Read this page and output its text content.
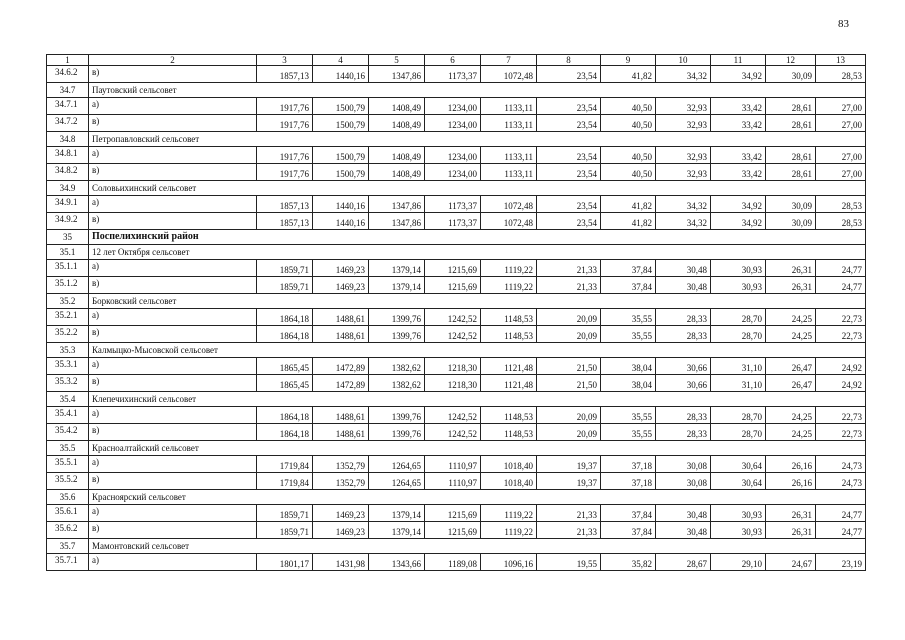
83
1	2	3	4	5	6	7	8	9	10	11	12	13
34.6.2	в)	1857,13	1440,16	1347,86	1173,37	1072,48	23,54	41,82	34,32	34,92	30,09	28,53
34.7	Паутовский сельсовет											
34.7.1	а)	1917,76	1500,79	1408,49	1234,00	1133,11	23,54	40,50	32,93	33,42	28,61	27,00
34.7.2	в)	1917,76	1500,79	1408,49	1234,00	1133,11	23,54	40,50	32,93	33,42	28,61	27,00
34.8	Петропавловский сельсовет											
34.8.1	а)	1917,76	1500,79	1408,49	1234,00	1133,11	23,54	40,50	32,93	33,42	28,61	27,00
34.8.2	в)	1917,76	1500,79	1408,49	1234,00	1133,11	23,54	40,50	32,93	33,42	28,61	27,00
34.9	Соловьихинский сельсовет											
34.9.1	а)	1857,13	1440,16	1347,86	1173,37	1072,48	23,54	41,82	34,32	34,92	30,09	28,53
34.9.2	в)	1857,13	1440,16	1347,86	1173,37	1072,48	23,54	41,82	34,32	34,92	30,09	28,53
35	Поспелихинский район											
35.1	12 лет Октября сельсовет											
35.1.1	а)	1859,71	1469,23	1379,14	1215,69	1119,22	21,33	37,84	30,48	30,93	26,31	24,77
35.1.2	в)	1859,71	1469,23	1379,14	1215,69	1119,22	21,33	37,84	30,48	30,93	26,31	24,77
35.2	Борковский сельсовет											
35.2.1	а)	1864,18	1488,61	1399,76	1242,52	1148,53	20,09	35,55	28,33	28,70	24,25	22,73
35.2.2	в)	1864,18	1488,61	1399,76	1242,52	1148,53	20,09	35,55	28,33	28,70	24,25	22,73
35.3	Калмыцко-Мысовской сельсовет											
35.3.1	а)	1865,45	1472,89	1382,62	1218,30	1121,48	21,50	38,04	30,66	31,10	26,47	24,92
35.3.2	в)	1865,45	1472,89	1382,62	1218,30	1121,48	21,50	38,04	30,66	31,10	26,47	24,92
35.4	Клепечихинский сельсовет											
35.4.1	а)	1864,18	1488,61	1399,76	1242,52	1148,53	20,09	35,55	28,33	28,70	24,25	22,73
35.4.2	в)	1864,18	1488,61	1399,76	1242,52	1148,53	20,09	35,55	28,33	28,70	24,25	22,73
35.5	Красноалтайский сельсовет											
35.5.1	а)	1719,84	1352,79	1264,65	1110,97	1018,40	19,37	37,18	30,08	30,64	26,16	24,73
35.5.2	в)	1719,84	1352,79	1264,65	1110,97	1018,40	19,37	37,18	30,08	30,64	26,16	24,73
35.6	Красноярский сельсовет											
35.6.1	а)	1859,71	1469,23	1379,14	1215,69	1119,22	21,33	37,84	30,48	30,93	26,31	24,77
35.6.2	в)	1859,71	1469,23	1379,14	1215,69	1119,22	21,33	37,84	30,48	30,93	26,31	24,77
35.7	Мамонтовский сельсовет											
35.7.1	а)	1801,17	1431,98	1343,66	1189,08	1096,16	19,55	35,82	28,67	29,10	24,67	23,19
